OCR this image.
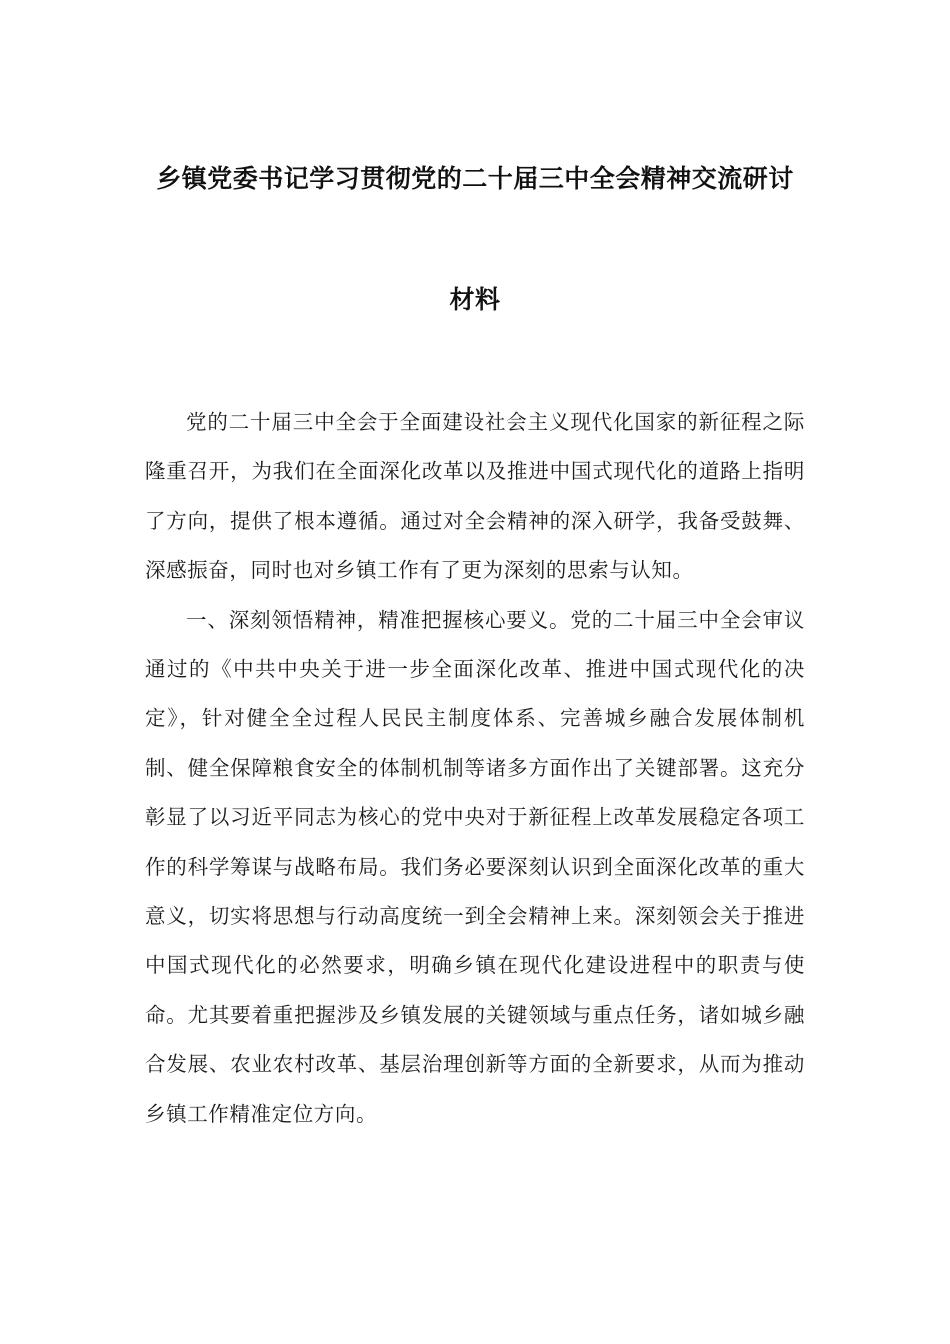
乡镇党委书记学习贯彻党的二十届三中全会精神交流研讨
材料

党的二十届三中全会于全面建设社会主义现代化国家的新征程之际隆重召开，为我们在全面深化改革以及推进中国式现代化的道路上指明了方向，提供了根本遵循。通过对全会精神的深入研学，我备受鼓舞、深感振奋，同时也对乡镇工作有了更为深刻的思索与认知。

一、深刻领悟精神，精准把握核心要义。党的二十届三中全会审议通过的《中共中央关于进一步全面深化改革、推进中国式现代化的决定》，针对健全全过程人民民主制度体系、完善城乡融合发展体制机制、健全保障粮食安全的体制机制等诸多方面作出了关键部署。这充分彰显了以习近平同志为核心的党中央对于新征程上改革发展稳定各项工作的科学筹谋与战略布局。我们务必要深刻认识到全面深化改革的重大意义，切实将思想与行动高度统一到全会精神上来。深刻领会关于推进中国式现代化的必然要求，明确乡镇在现代化建设进程中的职责与使命。尤其要着重把握涉及乡镇发展的关键领域与重点任务，诸如城乡融合发展、农业农村改革、基层治理创新等方面的全新要求，从而为推动乡镇工作精准定位方向。
